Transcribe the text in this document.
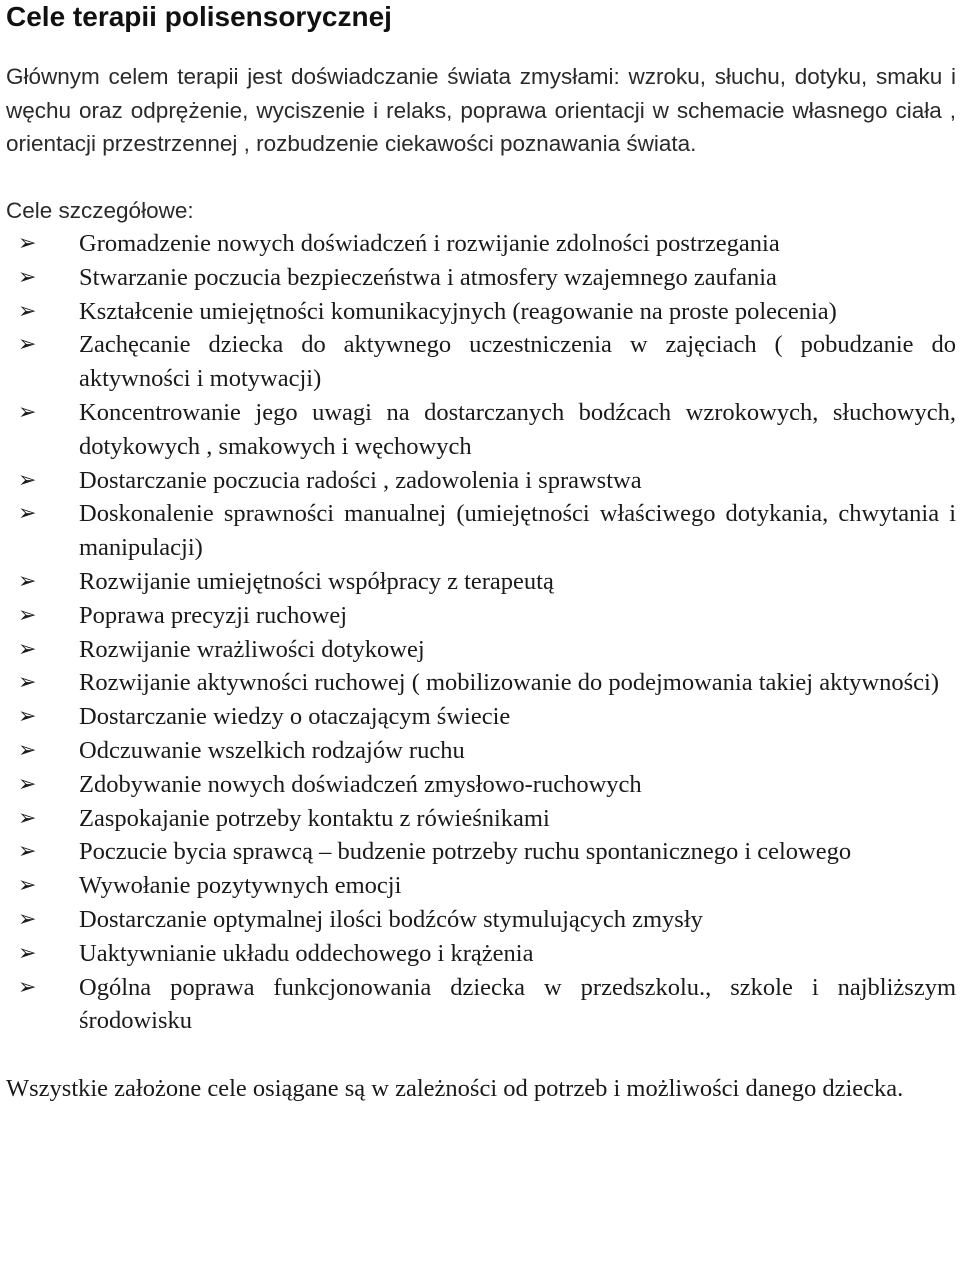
Cele terapii polisensorycznej

Głównym celem terapii jest doświadczanie świata zmysłami: wzroku, słuchu, dotyku, smaku i węchu oraz odprężenie, wyciszenie i relaks, poprawa orientacji w schemacie własnego ciała , orientacji przestrzennej , rozbudzenie ciekawości poznawania świata.

Cele szczegółowe:

➢ Gromadzenie nowych doświadczeń i rozwijanie zdolności postrzegania
➢ Stwarzanie poczucia bezpieczeństwa i atmosfery wzajemnego zaufania
➢ Kształcenie umiejętności komunikacyjnych (reagowanie na proste polecenia)
➢ Zachęcanie dziecka do aktywnego uczestniczenia w zajęciach ( pobudzanie do aktywności i motywacji)
➢ Koncentrowanie jego uwagi na dostarczanych bodźcach wzrokowych, słuchowych, dotykowych , smakowych i węchowych
➢ Dostarczanie poczucia radości , zadowolenia i sprawstwa
➢ Doskonalenie sprawności manualnej (umiejętności właściwego dotykania, chwytania i manipulacji)
➢ Rozwijanie umiejętności współpracy z terapeutą
➢ Poprawa precyzji ruchowej
➢ Rozwijanie wrażliwości dotykowej
➢ Rozwijanie aktywności ruchowej ( mobilizowanie do podejmowania takiej aktywności)
➢ Dostarczanie wiedzy o otaczającym świecie
➢ Odczuwanie wszelkich rodzajów ruchu
➢ Zdobywanie nowych doświadczeń zmysłowo-ruchowych
➢ Zaspokajanie potrzeby kontaktu z rówieśnikami
➢ Poczucie bycia sprawcą – budzenie potrzeby ruchu spontanicznego i celowego
➢ Wywołanie pozytywnych emocji
➢ Dostarczanie optymalnej ilości bodźców stymulujących zmysły
➢ Uaktywnianie układu oddechowego i krążenia
➢ Ogólna poprawa funkcjonowania dziecka w przedszkolu., szkole i najbliższym środowisku

Wszystkie założone cele osiągane są w zależności od potrzeb i możliwości danego dziecka.
